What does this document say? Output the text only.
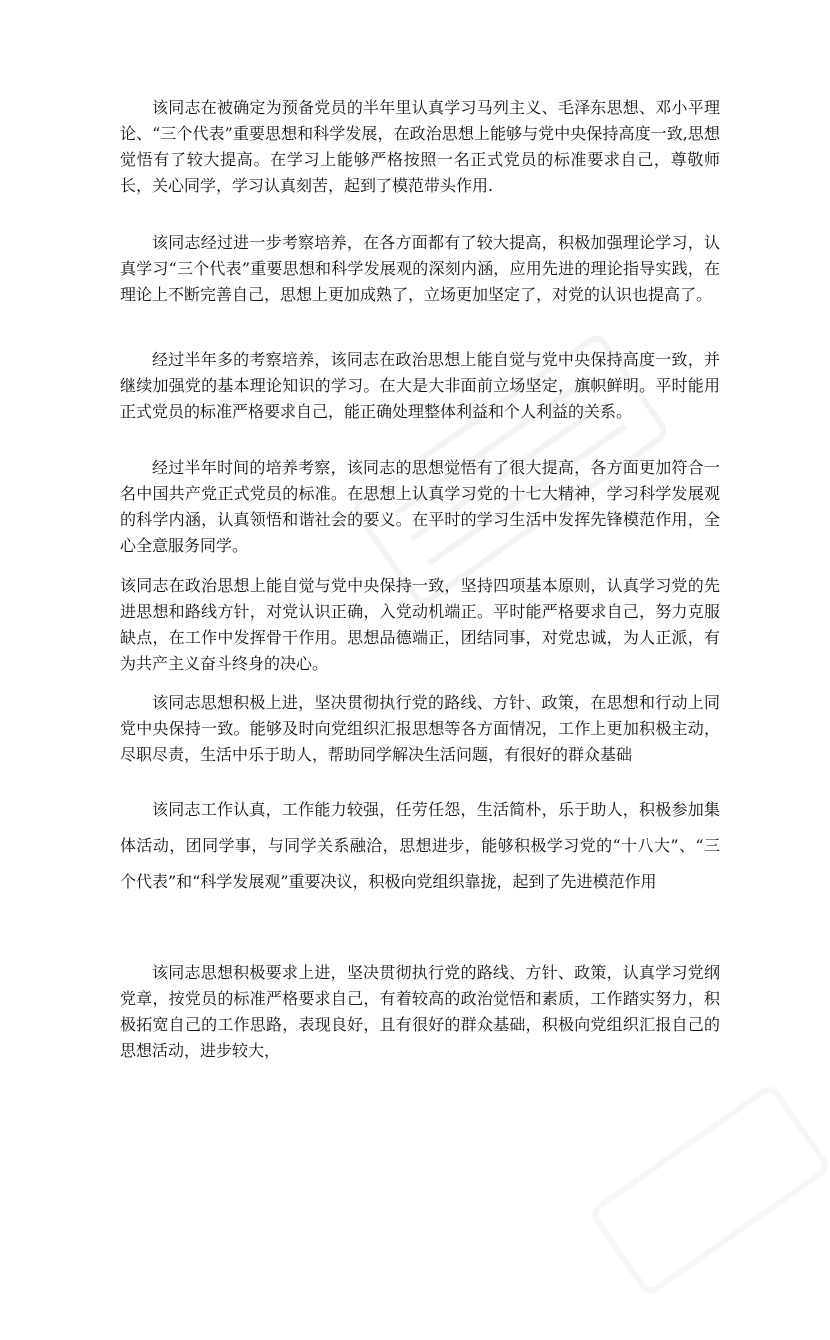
该同志在被确定为预备党员的半年里认真学习马列主义、毛泽东思想、邓小平理论、“三个代表”重要思想和科学发展，在政治思想上能够与党中央保持高度一致,思想觉悟有了较大提高。在学习上能够严格按照一名正式党员的标准要求自己，尊敬师长，关心同学，学习认真刻苦，起到了模范带头作用.

该同志经过进一步考察培养，在各方面都有了较大提高，积极加强理论学习，认真学习“三个代表”重要思想和科学发展观的深刻内涵，应用先进的理论指导实践，在理论上不断完善自己，思想上更加成熟了，立场更加坚定了，对党的认识也提高了。

经过半年多的考察培养，该同志在政治思想上能自觉与党中央保持高度一致，并继续加强党的基本理论知识的学习。在大是大非面前立场坚定，旗帜鲜明。平时能用正式党员的标准严格要求自己，能正确处理整体利益和个人利益的关系。

经过半年时间的培养考察，该同志的思想觉悟有了很大提高，各方面更加符合一名中国共产党正式党员的标准。在思想上认真学习党的十七大精神，学习科学发展观的科学内涵，认真领悟和谐社会的要义。在平时的学习生活中发挥先锋模范作用，全心全意服务同学。

该同志在政治思想上能自觉与党中央保持一致，坚持四项基本原则，认真学习党的先进思想和路线方针，对党认识正确，入党动机端正。平时能严格要求自己，努力克服缺点，在工作中发挥骨干作用。思想品德端正，团结同事，对党忠诚，为人正派，有为共产主义奋斗终身的决心。

该同志思想积极上进，坚决贯彻执行党的路线、方针、政策，在思想和行动上同党中央保持一致。能够及时向党组织汇报思想等各方面情况，工作上更加积极主动，尽职尽责，生活中乐于助人，帮助同学解决生活问题，有很好的群众基础

该同志工作认真，工作能力较强，任劳任怨，生活简朴，乐于助人，积极参加集体活动，团同学事，与同学关系融洽，思想进步，能够积极学习党的“十八大”、“三个代表”和“科学发展观”重要决议，积极向党组织靠拢，起到了先进模范作用

该同志思想积极要求上进，坚决贯彻执行党的路线、方针、政策，认真学习党纲党章，按党员的标准严格要求自己，有着较高的政治觉悟和素质，工作踏实努力，积极拓宽自己的工作思路，表现良好，且有很好的群众基础，积极向党组织汇报自己的思想活动，进步较大，
